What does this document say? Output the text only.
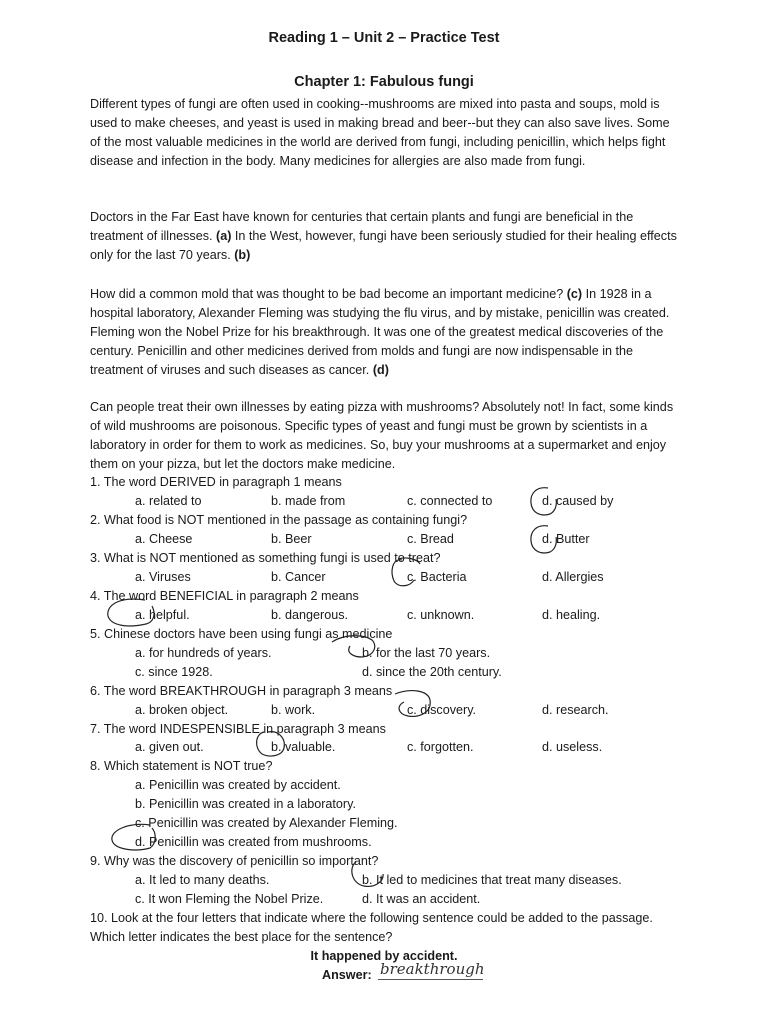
Reading 1 – Unit 2 – Practice Test
Chapter 1: Fabulous fungi
Different types of fungi are often used in cooking--mushrooms are mixed into pasta and soups, mold is used to make cheeses, and yeast is used in making bread and beer--but they can also save lives. Some of the most valuable medicines in the world are derived from fungi, including penicillin, which helps fight disease and infection in the body. Many medicines for allergies are also made from fungi.
Doctors in the Far East have known for centuries that certain plants and fungi are beneficial in the treatment of illnesses. (a) In the West, however, fungi have been seriously studied for their healing effects only for the last 70 years. (b)
How did a common mold that was thought to be bad become an important medicine? (c) In 1928 in a hospital laboratory, Alexander Fleming was studying the flu virus, and by mistake, penicillin was created. Fleming won the Nobel Prize for his breakthrough. It was one of the greatest medical discoveries of the century. Penicillin and other medicines derived from molds and fungi are now indispensable in the treatment of viruses and such diseases as cancer. (d)
Can people treat their own illnesses by eating pizza with mushrooms? Absolutely not! In fact, some kinds of wild mushrooms are poisonous. Specific types of yeast and fungi must be grown by scientists in a laboratory in order for them to work as medicines. So, buy your mushrooms at a supermarket and enjoy them on your pizza, but let the doctors make medicine.
1. The word DERIVED in paragraph 1 means
a. related to	b. made from	c. connected to	d. caused by
2. What food is NOT mentioned in the passage as containing fungi?
a. Cheese	b. Beer	c. Bread	d. Butter
3. What is NOT mentioned as something fungi is used to treat?
a. Viruses	b. Cancer	c. Bacteria	d. Allergies
4. The word BENEFICIAL in paragraph 2 means
a. helpful.	b. dangerous.	c. unknown.	d. healing.
5. Chinese doctors have been using fungi as medicine
a. for hundreds of years.	b. for the last 70 years.
c. since 1928.	d. since the 20th century.
6. The word BREAKTHROUGH in paragraph 3 means
a. broken object.	b. work.	c. discovery.	d. research.
7. The word INDESPENSIBLE in paragraph 3 means
a. given out.	b. valuable.	c. forgotten.	d. useless.
8. Which statement is NOT true?
a. Penicillin was created by accident.
b. Penicillin was created in a laboratory.
c. Penicillin was created by Alexander Fleming.
d. Penicillin was created from mushrooms.
9. Why was the discovery of penicillin so important?
a. It led to many deaths.	b. It led to medicines that treat many diseases.
c. It won Fleming the Nobel Prize.	d. It was an accident.
10. Look at the four letters that indicate where the following sentence could be added to the passage. Which letter indicates the best place for the sentence?
It happened by accident.
Answer: breakthrough
